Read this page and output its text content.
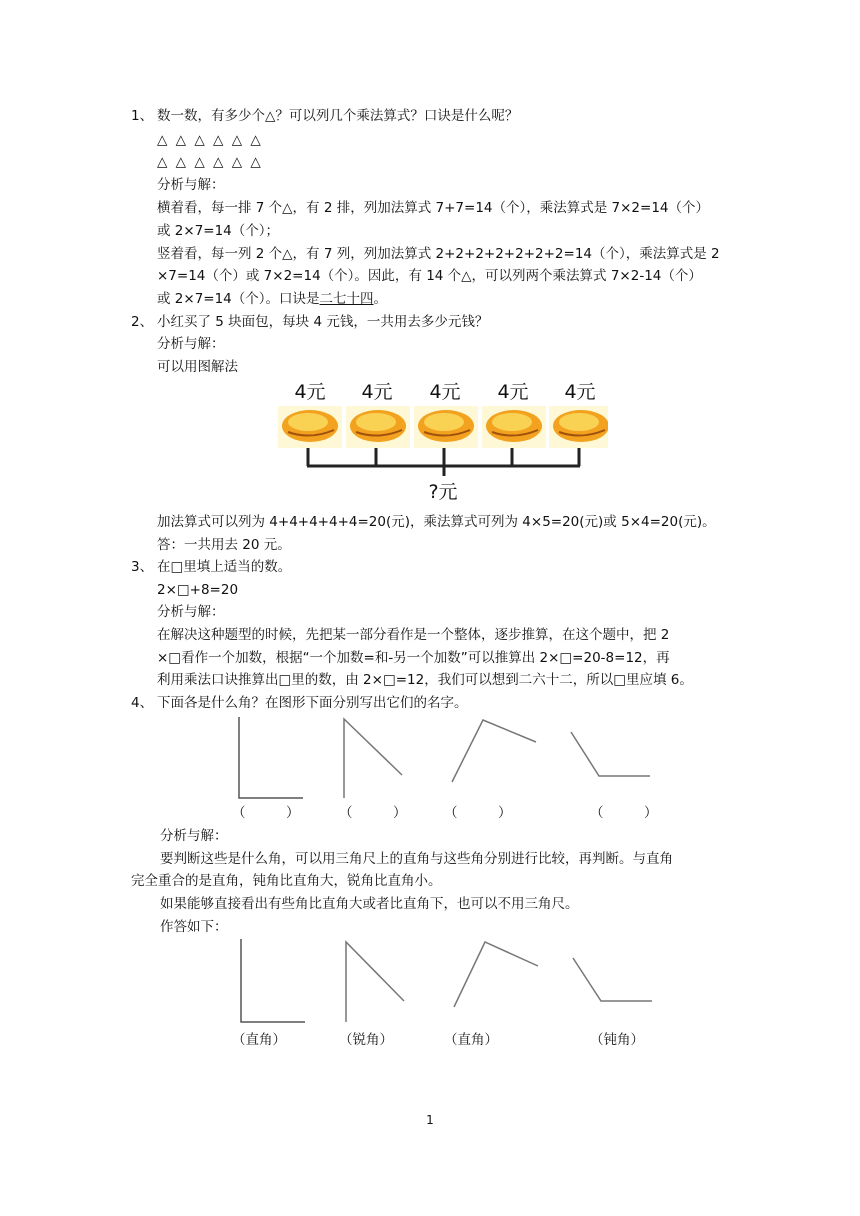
1、 数一数，有多少个△？可以列几个乘法算式？口诀是什么呢？
△ △ △ △ △ △
△ △ △ △ △ △
分析与解：
横着看，每一排 7 个△，有 2 排，列加法算式 7+7=14（个），乘法算式是 7×2=14（个）
或 2×7=14（个）；
竖着看，每一列 2 个△，有 7 列，列加法算式 2+2+2+2+2+2+2=14（个），乘法算式是 2
×7=14（个）或 7×2=14（个）。因此，有 14 个△，可以列两个乘法算式 7×2-14（个）
或 2×7=14（个）。口诀是二七十四。
2、 小红买了 5 块面包，每块 4 元钱，一共用去多少元钱？
分析与解：
可以用图解法
4元	4元	4元	4元	4元
?元
加法算式可以列为 4+4+4+4+4=20(元)，乘法算式可列为 4×5=20(元)或 5×4=20(元)。
答：一共用去 20 元。
3、 在□里填上适当的数。
2×□+8=20
分析与解：
在解决这种题型的时候，先把某一部分看作是一个整体，逐步推算，在这个题中，把 2
×□看作一个加数，根据“一个加数=和-另一个加数”可以推算出 2×□=20-8=12，再
利用乘法口诀推算出□里的数，由 2×□=12，我们可以想到二六十二，所以□里应填 6。
4、 下面各是什么角？在图形下面分别写出它们的名字。
（　　　）	（　　　）	（　　　）	（　　　）
分析与解：
要判断这些是什么角，可以用三角尺上的直角与这些角分别进行比较，再判断。与直角
完全重合的是直角，钝角比直角大，锐角比直角小。
如果能够直接看出有些角比直角大或者比直角下，也可以不用三角尺。
作答如下：
（直角）	（锐角）	（直角）	（钝角）
1
